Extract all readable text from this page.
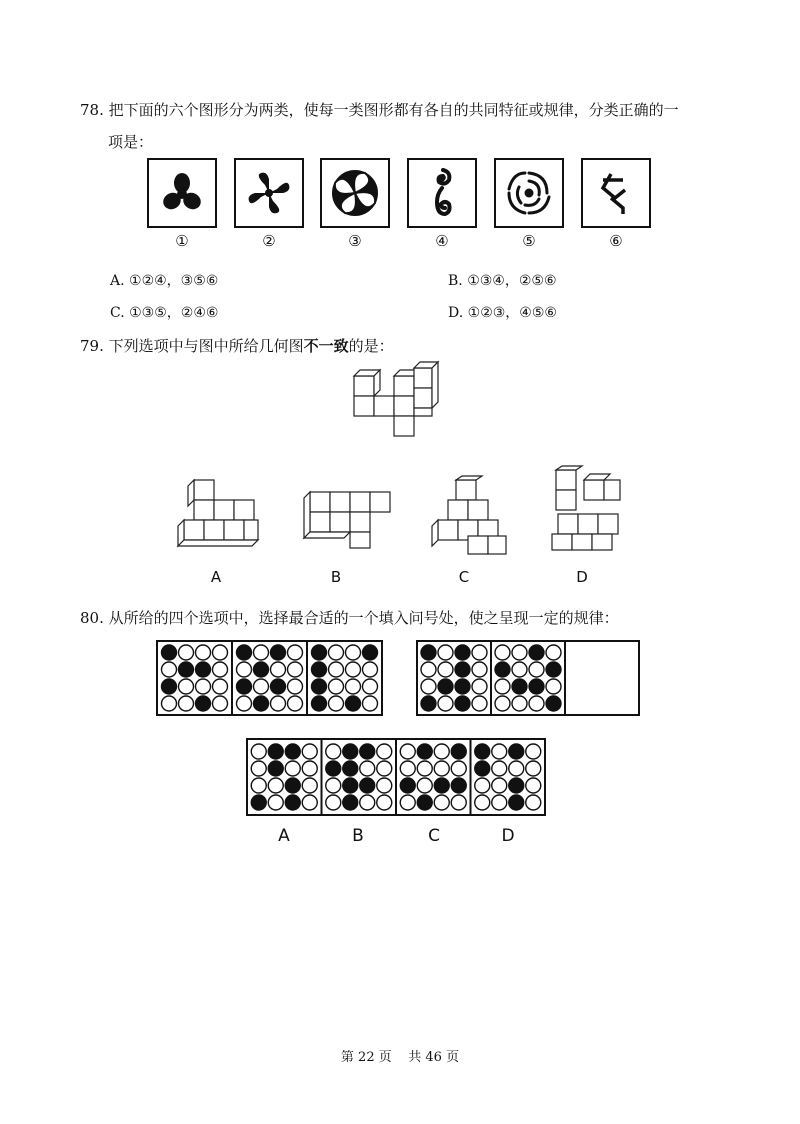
78. 把下面的六个图形分为两类，使每一类图形都有各自的共同特征或规律，分类正确的一
项是：
①	②	③	④	⑤	⑥
A. ①②④，③⑤⑥	B. ①③④，②⑤⑥
C. ①③⑤，②④⑥	D. ①②③，④⑤⑥
79. 下列选项中与图中所给几何图不一致的是：
A	B	C	D
80. 从所给的四个选项中，选择最合适的一个填入问号处，使之呈现一定的规律：
A	B	C	D
第 22 页    共 46 页
